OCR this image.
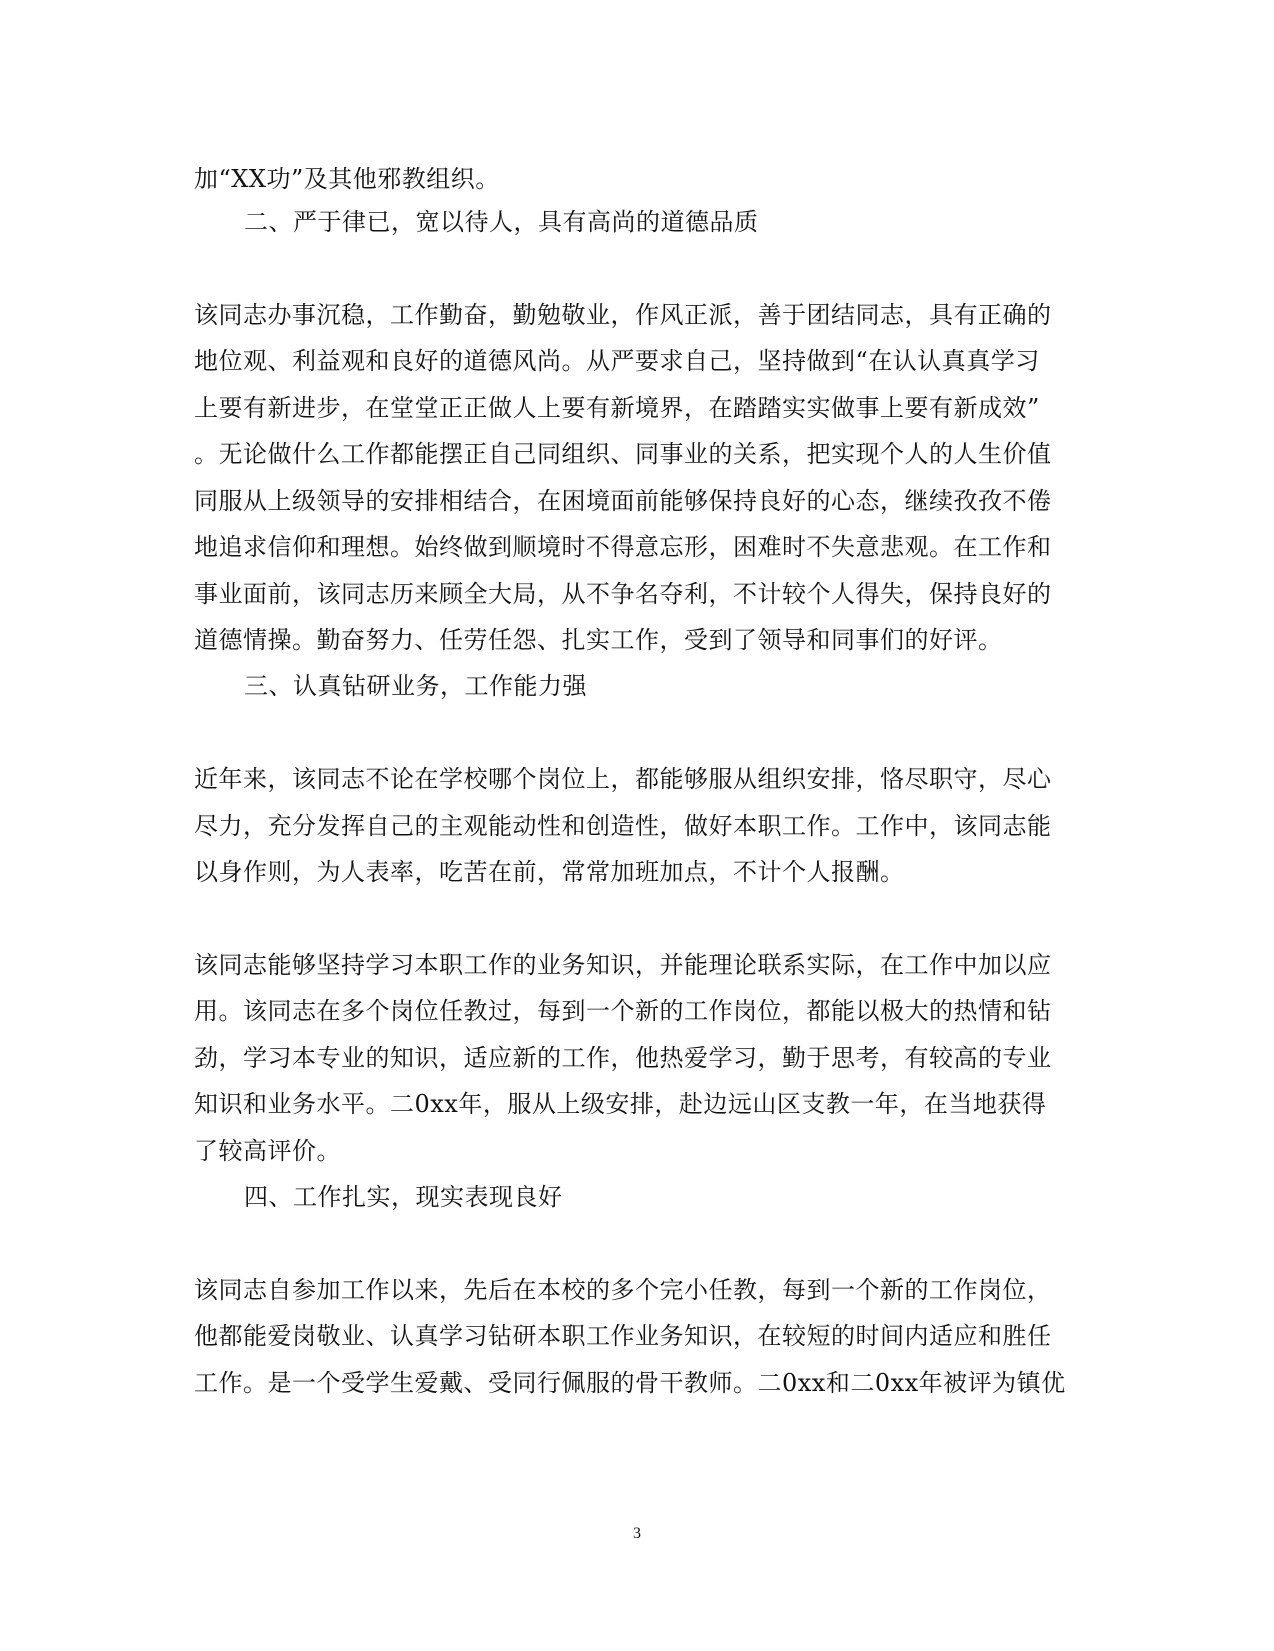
加“XX功”及其他邪教组织。
二、严于律已，宽以待人，具有高尚的道德品质
该同志办事沉稳，工作勤奋，勤勉敬业，作风正派，善于团结同志，具有正确的
地位观、利益观和良好的道德风尚。从严要求自己，坚持做到“在认认真真学习
上要有新进步，在堂堂正正做人上要有新境界，在踏踏实实做事上要有新成效”
。无论做什么工作都能摆正自己同组织、同事业的关系，把实现个人的人生价值
同服从上级领导的安排相结合，在困境面前能够保持良好的心态，继续孜孜不倦
地追求信仰和理想。始终做到顺境时不得意忘形，困难时不失意悲观。在工作和
事业面前，该同志历来顾全大局，从不争名夺利，不计较个人得失，保持良好的
道德情操。勤奋努力、任劳任怨、扎实工作，受到了领导和同事们的好评。
三、认真钻研业务，工作能力强
近年来，该同志不论在学校哪个岗位上，都能够服从组织安排，恪尽职守，尽心
尽力，充分发挥自己的主观能动性和创造性，做好本职工作。工作中，该同志能
以身作则，为人表率，吃苦在前，常常加班加点，不计个人报酬。
该同志能够坚持学习本职工作的业务知识，并能理论联系实际，在工作中加以应
用。该同志在多个岗位任教过，每到一个新的工作岗位，都能以极大的热情和钻
劲，学习本专业的知识，适应新的工作，他热爱学习，勤于思考，有较高的专业
知识和业务水平。二0xx年，服从上级安排，赴边远山区支教一年，在当地获得
了较高评价。
四、工作扎实，现实表现良好
该同志自参加工作以来，先后在本校的多个完小任教，每到一个新的工作岗位，
他都能爱岗敬业、认真学习钻研本职工作业务知识，在较短的时间内适应和胜任
工作。是一个受学生爱戴、受同行佩服的骨干教师。二0xx和二0xx年被评为镇优
3
